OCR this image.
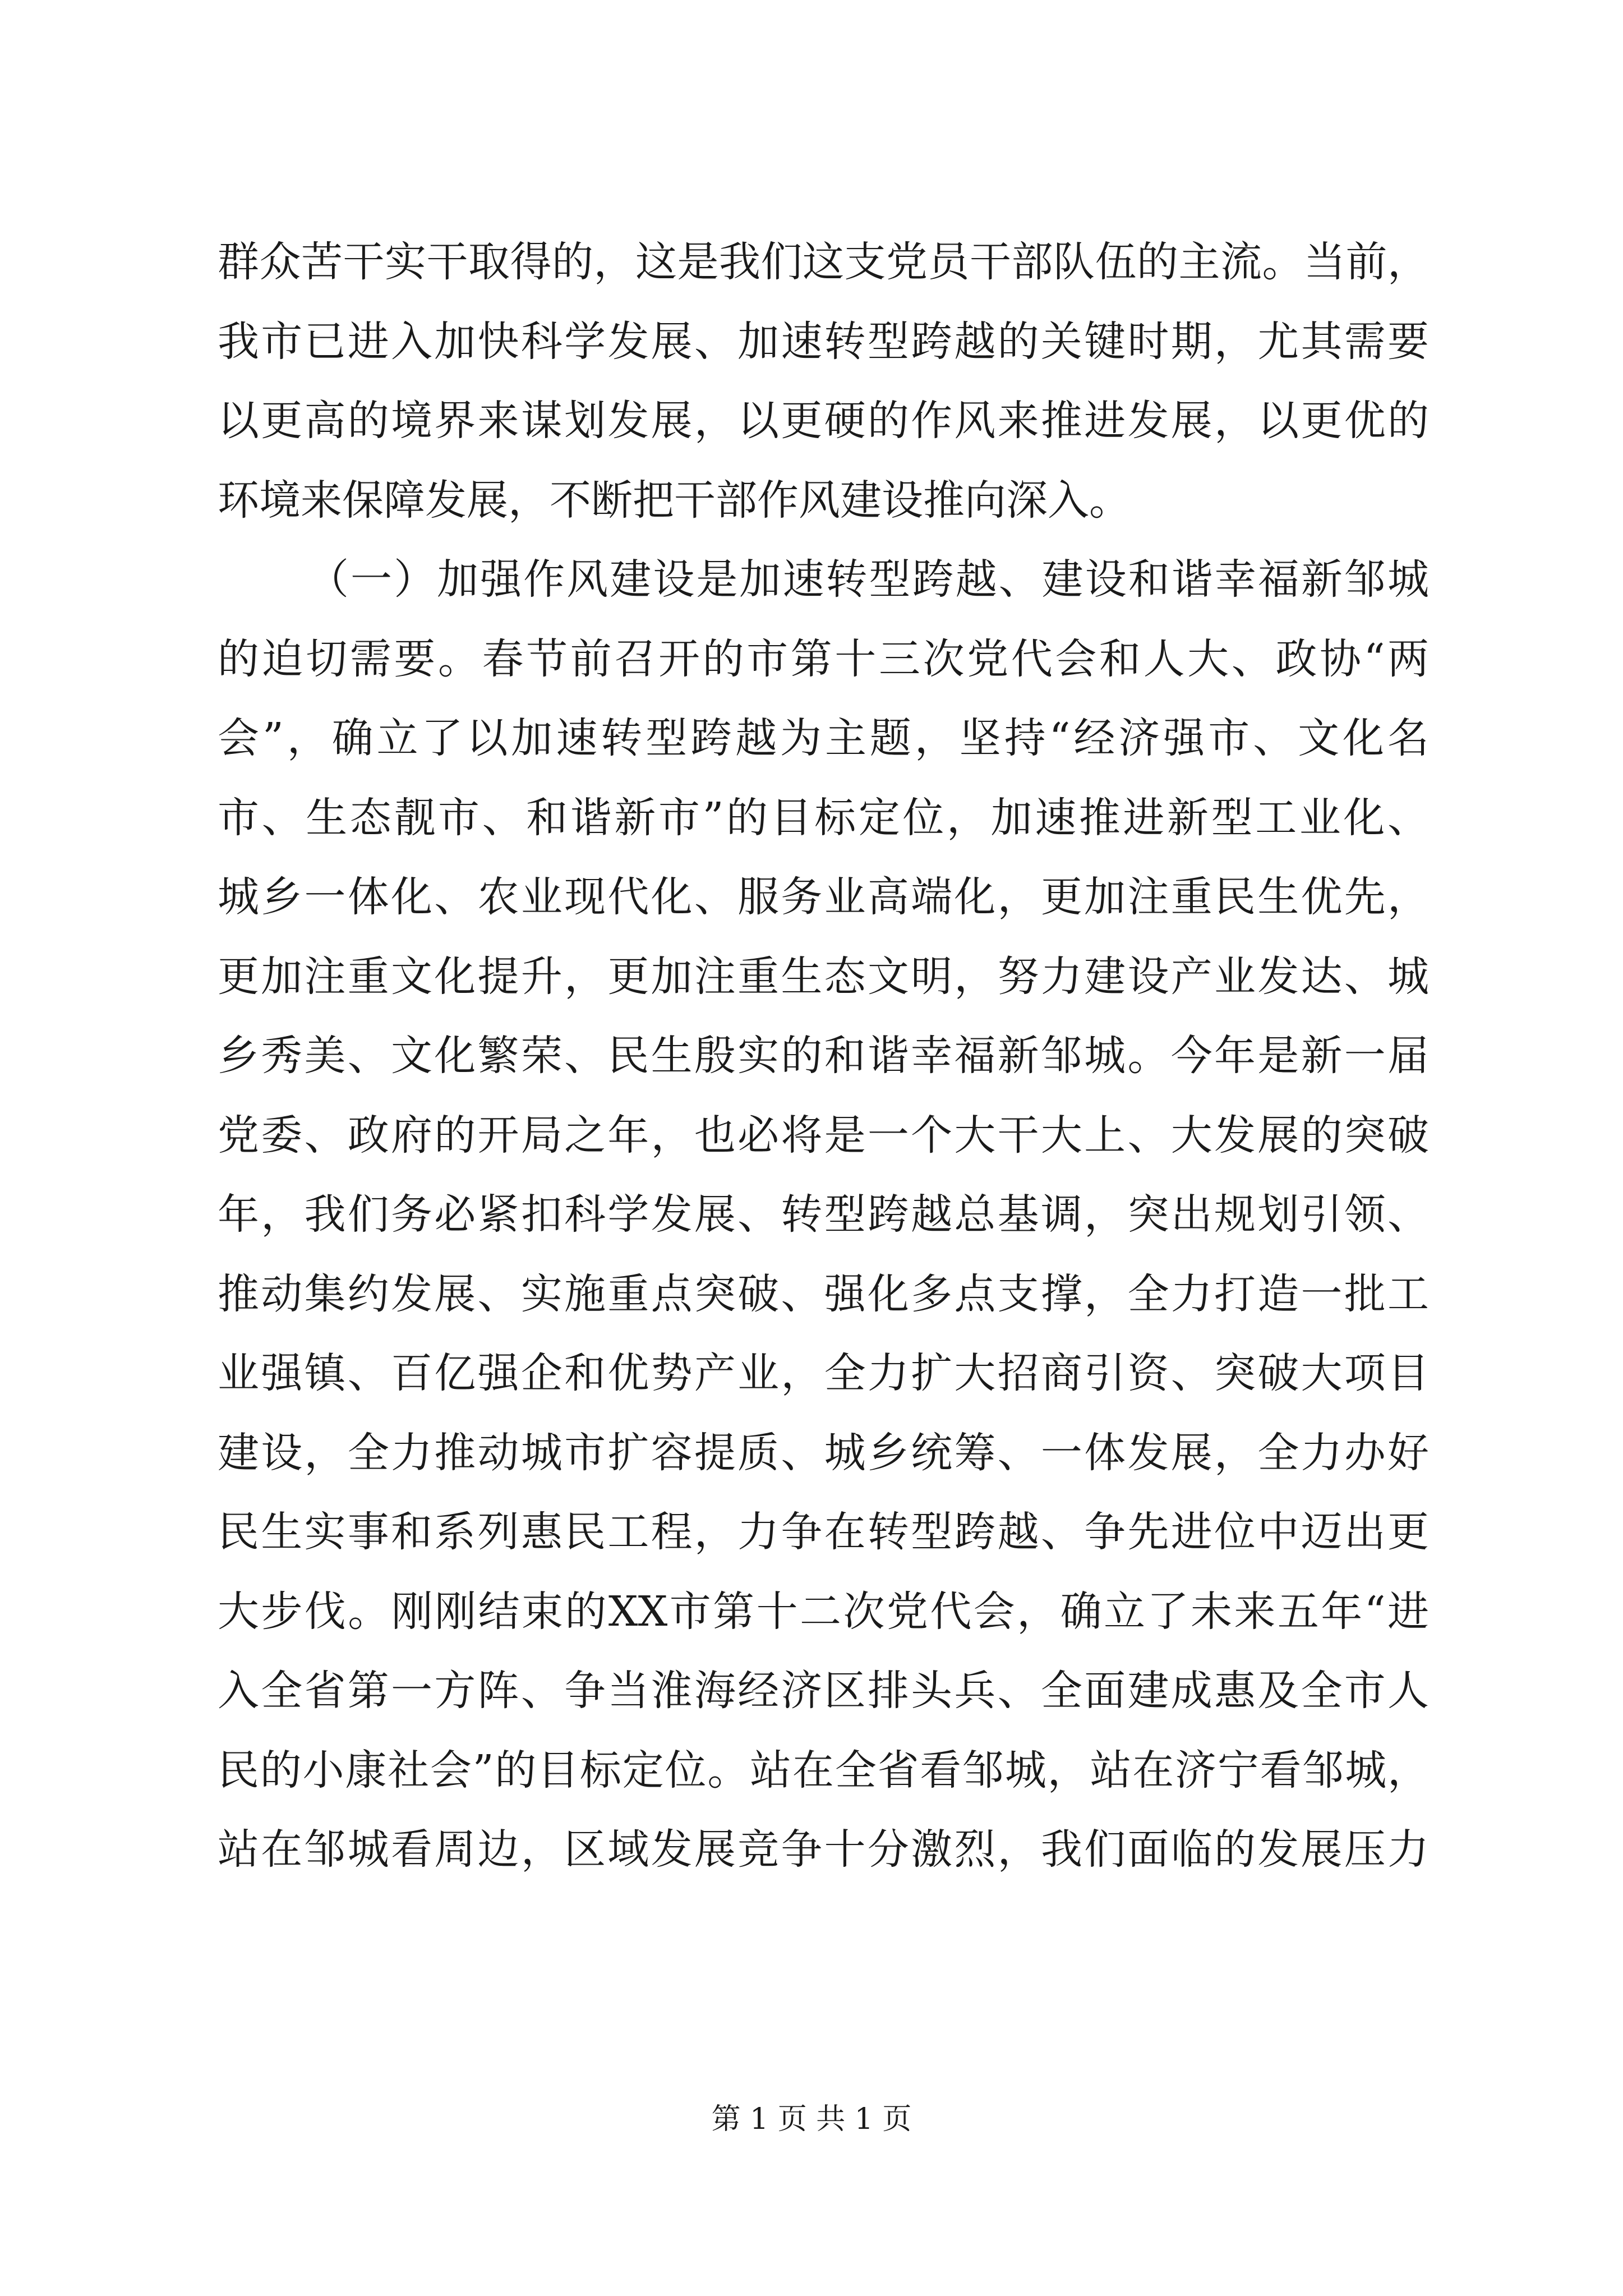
群众苦干实干取得的，这是我们这支党员干部队伍的主流。当前，
我市已进入加快科学发展、加速转型跨越的关键时期，尤其需要
以更高的境界来谋划发展，以更硬的作风来推进发展，以更优的
环境来保障发展，不断把干部作风建设推向深入。
（一）加强作风建设是加速转型跨越、建设和谐幸福新邹城
的迫切需要。春节前召开的市第十三次党代会和人大、政协“两
会”，确立了以加速转型跨越为主题，坚持“经济强市、文化名
市、生态靓市、和谐新市”的目标定位，加速推进新型工业化、
城乡一体化、农业现代化、服务业高端化，更加注重民生优先，
更加注重文化提升，更加注重生态文明，努力建设产业发达、城
乡秀美、文化繁荣、民生殷实的和谐幸福新邹城。今年是新一届
党委、政府的开局之年，也必将是一个大干大上、大发展的突破
年，我们务必紧扣科学发展、转型跨越总基调，突出规划引领、
推动集约发展、实施重点突破、强化多点支撑，全力打造一批工
业强镇、百亿强企和优势产业，全力扩大招商引资、突破大项目
建设，全力推动城市扩容提质、城乡统筹、一体发展，全力办好
民生实事和系列惠民工程，力争在转型跨越、争先进位中迈出更
大步伐。刚刚结束的XX市第十二次党代会，确立了未来五年“进
入全省第一方阵、争当淮海经济区排头兵、全面建成惠及全市人
民的小康社会”的目标定位。站在全省看邹城，站在济宁看邹城，
站在邹城看周边，区域发展竞争十分激烈，我们面临的发展压力
第 1 页 共 1 页
